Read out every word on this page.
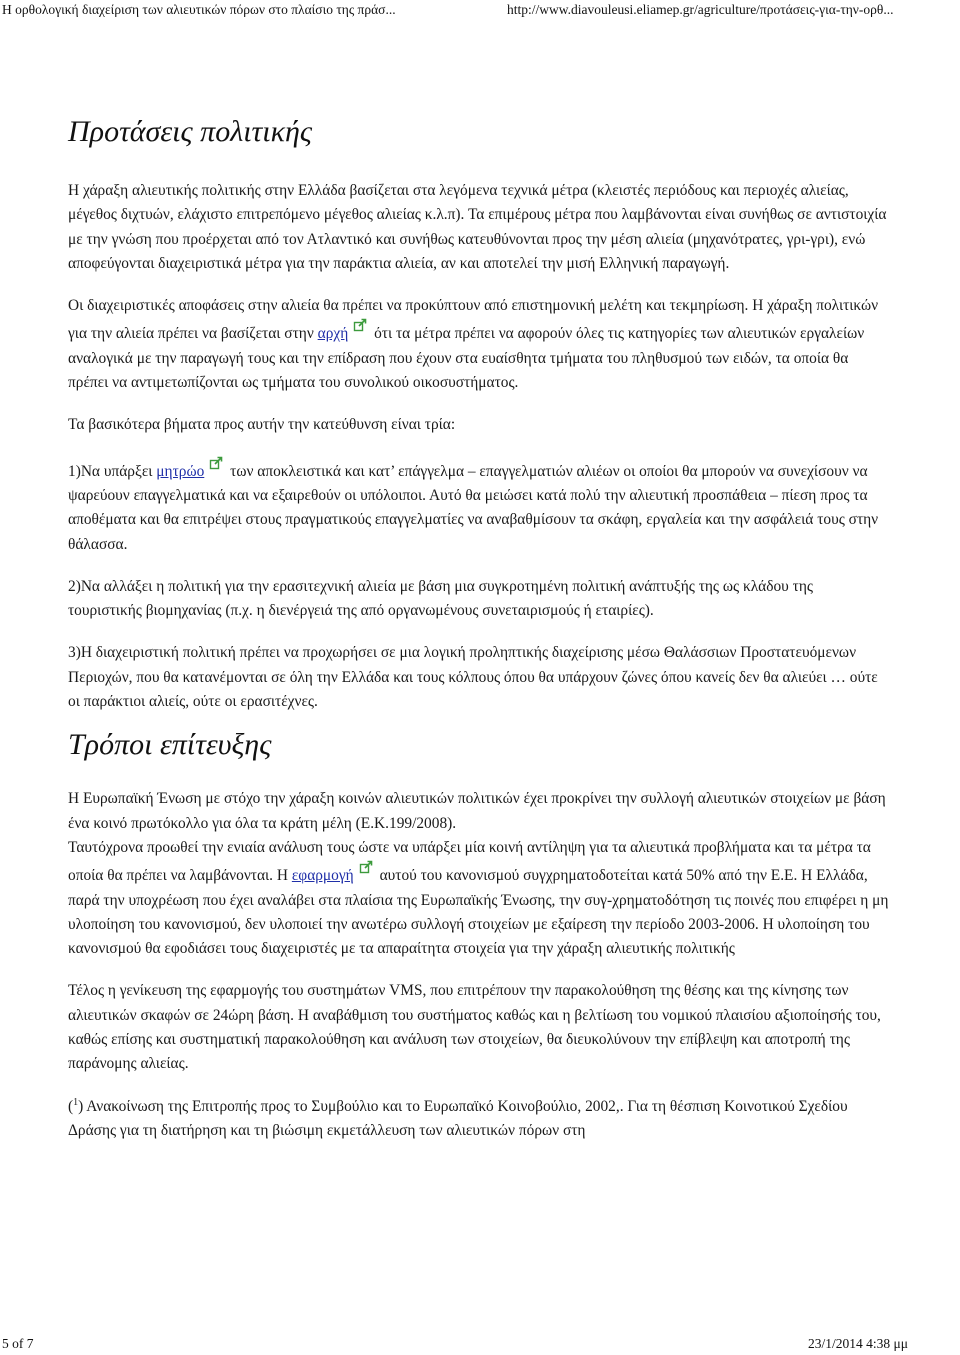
Η ορθολογική διαχείριση των αλιευτικών πόρων στο πλαίσιο της πράσ...	http://www.diavouleusi.eliamep.gr/agriculture/προτάσεις-για-την-ορθ...
Προτάσεις πολιτικής

Η χάραξη αλιευτικής πολιτικής στην Ελλάδα βασίζεται στα λεγόμενα τεχνικά μέτρα (κλειστές περιόδους και περιοχές αλιείας, μέγεθος διχτυών, ελάχιστο επιτρεπόμενο μέγεθος αλιείας κ.λ.π). Τα επιμέρους μέτρα που λαμβάνονται είναι συνήθως σε αντιστοιχία με την γνώση που προέρχεται από τον Ατλαντικό και συνήθως κατευθύνονται προς την μέση αλιεία (μηχανότρατες, γρι-γρι), ενώ αποφεύγονται διαχειριστικά μέτρα για την παράκτια αλιεία, αν και αποτελεί την μισή Ελληνική παραγωγή.

Οι διαχειριστικές αποφάσεις στην αλιεία θα πρέπει να προκύπτουν από επιστημονική μελέτη και τεκμηρίωση. Η χάραξη πολιτικών για την αλιεία πρέπει να βασίζεται στην αρχή ότι τα μέτρα πρέπει να αφορούν όλες τις κατηγορίες των αλιευτικών εργαλείων αναλογικά με την παραγωγή τους και την επίδραση που έχουν στα ευαίσθητα τμήματα του πληθυσμού των ειδών, τα οποία θα πρέπει να αντιμετωπίζονται ως τμήματα του συνολικού οικοσυστήματος.

Τα βασικότερα βήματα προς αυτήν την κατεύθυνση είναι τρία:

1)Να υπάρξει μητρώο των αποκλειστικά και κατ’ επάγγελμα – επαγγελματιών αλιέων οι οποίοι θα μπορούν να συνεχίσουν να ψαρεύουν επαγγελματικά και να εξαιρεθούν οι υπόλοιποι. Αυτό θα μειώσει κατά πολύ την αλιευτική προσπάθεια – πίεση προς τα αποθέματα και θα επιτρέψει στους πραγματικούς επαγγελματίες να αναβαθμίσουν τα σκάφη, εργαλεία και την ασφάλειά τους στην θάλασσα.

2)Να αλλάξει η πολιτική για την ερασιτεχνική αλιεία με βάση μια συγκροτημένη πολιτική ανάπτυξής της ως κλάδου της τουριστικής βιομηχανίας (π.χ. η διενέργειά της από οργανωμένους συνεταιρισμούς ή εταιρίες).

3)Η διαχειριστική πολιτική πρέπει να προχωρήσει σε μια λογική προληπτικής διαχείρισης μέσω Θαλάσσιων Προστατευόμενων Περιοχών, που θα κατανέμονται σε όλη την Ελλάδα και τους κόλπους όπου θα υπάρχουν ζώνες όπου κανείς δεν θα αλιεύει … ούτε οι παράκτιοι αλιείς, ούτε οι ερασιτέχνες.

Τρόποι επίτευξης

Η Ευρωπαϊκή Ένωση με στόχο την χάραξη κοινών αλιευτικών πολιτικών έχει προκρίνει την συλλογή αλιευτικών στοιχείων με βάση ένα κοινό πρωτόκολλο για όλα τα κράτη μέλη (Ε.Κ.199/2008).

Ταυτόχρονα προωθεί την ενιαία ανάλυση τους ώστε να υπάρξει μία κοινή αντίληψη για τα αλιευτικά προβλήματα και τα μέτρα τα οποία θα πρέπει να λαμβάνονται. Η εφαρμογή αυτού του κανονισμού συγχρηματοδοτείται κατά 50% από την Ε.Ε. Η Ελλάδα, παρά την υποχρέωση που έχει αναλάβει στα πλαίσια της Ευρωπαϊκής Ένωσης, την συγ-χρηματοδότηση τις ποινές που επιφέρει η μη υλοποίηση του κανονισμού, δεν υλοποιεί την ανωτέρω συλλογή στοιχείων με εξαίρεση την περίοδο 2003-2006. Η υλοποίηση του κανονισμού θα εφοδιάσει τους διαχειριστές με τα απαραίτητα στοιχεία για την χάραξη αλιευτικής πολιτικής

Τέλος η γενίκευση της εφαρμογής του συστημάτων VMS, που επιτρέπουν την παρακολούθηση της θέσης και της κίνησης των αλιευτικών σκαφών σε 24ώρη βάση. Η αναβάθμιση του συστήματος καθώς και η βελτίωση του νομικού πλαισίου αξιοποίησής του, καθώς επίσης και συστηματική παρακολούθηση και ανάλυση των στοιχείων, θα διευκολύνουν την επίβλεψη και αποτροπή της παράνομης αλιείας.

($^1$) Ανακοίνωση της Επιτροπής προς το Συμβούλιο και το Ευρωπαϊκό Κοινοβούλιο, 2002,. Για τη θέσπιση Κοινοτικού Σχεδίου Δράσης για τη διατήρηση και τη βιώσιμη εκμετάλλευση των αλιευτικών πόρων στη

5 of 7	23/1/2014 4:38 μμ
